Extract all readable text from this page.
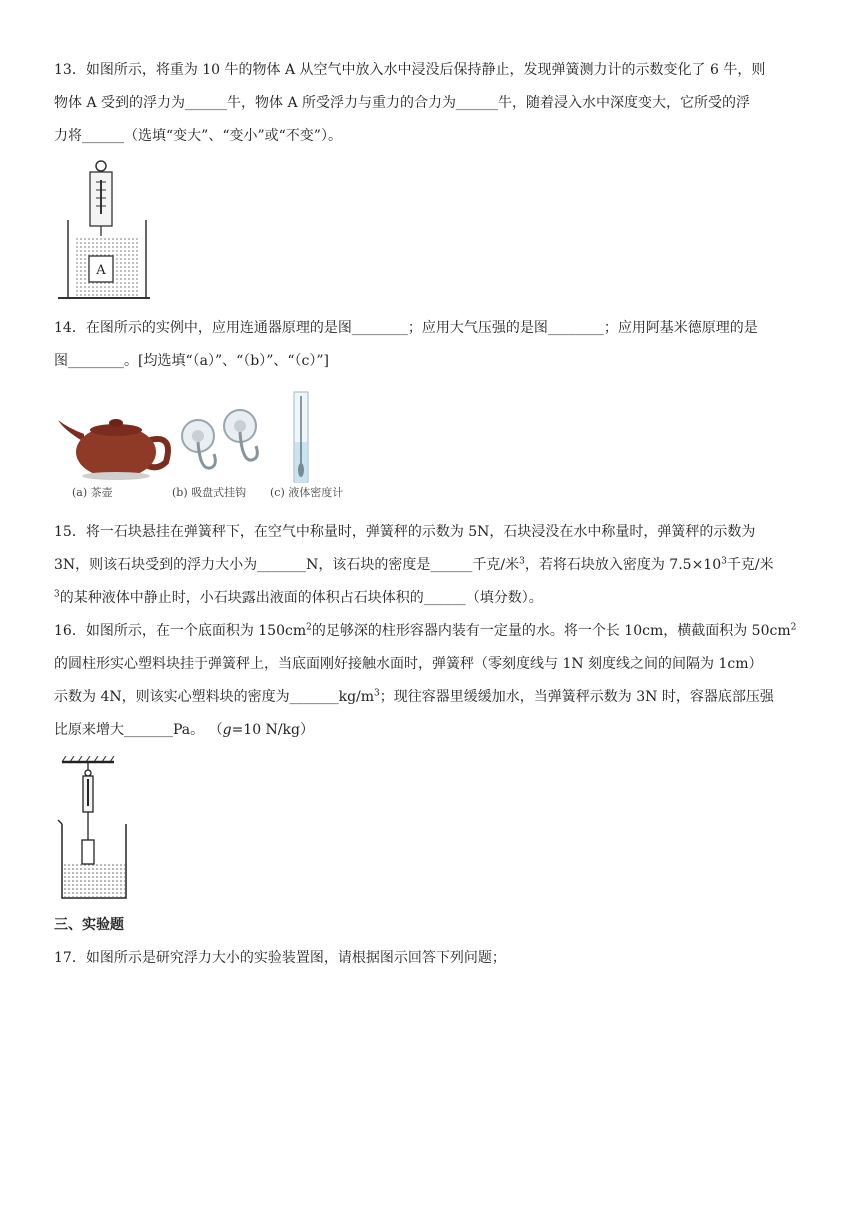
13．如图所示，将重为 10 牛的物体 A 从空气中放入水中浸没后保持静止，发现弹簧测力计的示数变化了 6 牛，则

物体 A 受到的浮力为______牛，物体 A 所受浮力与重力的合力为______牛，随着浸入水中深度变大，它所受的浮

力将______（选填“变大”、“变小”或“不变”）。

A

14．在图所示的实例中，应用连通器原理的是图________；应用大气压强的是图________；应用阿基米德原理的是

图________。[均选填“（a）”、“（b）”、“（c）”]

(a) 茶壶	(b) 吸盘式挂钩 (c) 液体密度计

15．将一石块悬挂在弹簧秤下，在空气中称量时，弹簧秤的示数为 5N，石块浸没在水中称量时，弹簧秤的示数为

3N，则该石块受到的浮力大小为_______N，该石块的密度是______千克/米$^3$，若将石块放入密度为 $7.5\times 10^3$千克/米

$^3$的某种液体中静止时，小石块露出液面的体积占石块体积的______（填分数）。

16．如图所示，在一个底面积为 $150cm^2$的足够深的柱形容器内装有一定量的水。将一个长 10cm，横截面积为 $50cm^2$

的圆柱形实心塑料块挂于弹簧秤上，当底面刚好接触水面时，弹簧秤（零刻度线与 1N 刻度线之间的间隔为 1cm）

示数为 4N，则该实心塑料块的密度为$\_\_\_\_\_\_\_kg/m^3$；现往容器里缓缓加水，当弹簧秤示数为 3N 时，容器底部压强

比原来增大_______Pa。 （g=10 N/kg）

三、实验题

17．如图所示是研究浮力大小的实验装置图，请根据图示回答下列问题；
